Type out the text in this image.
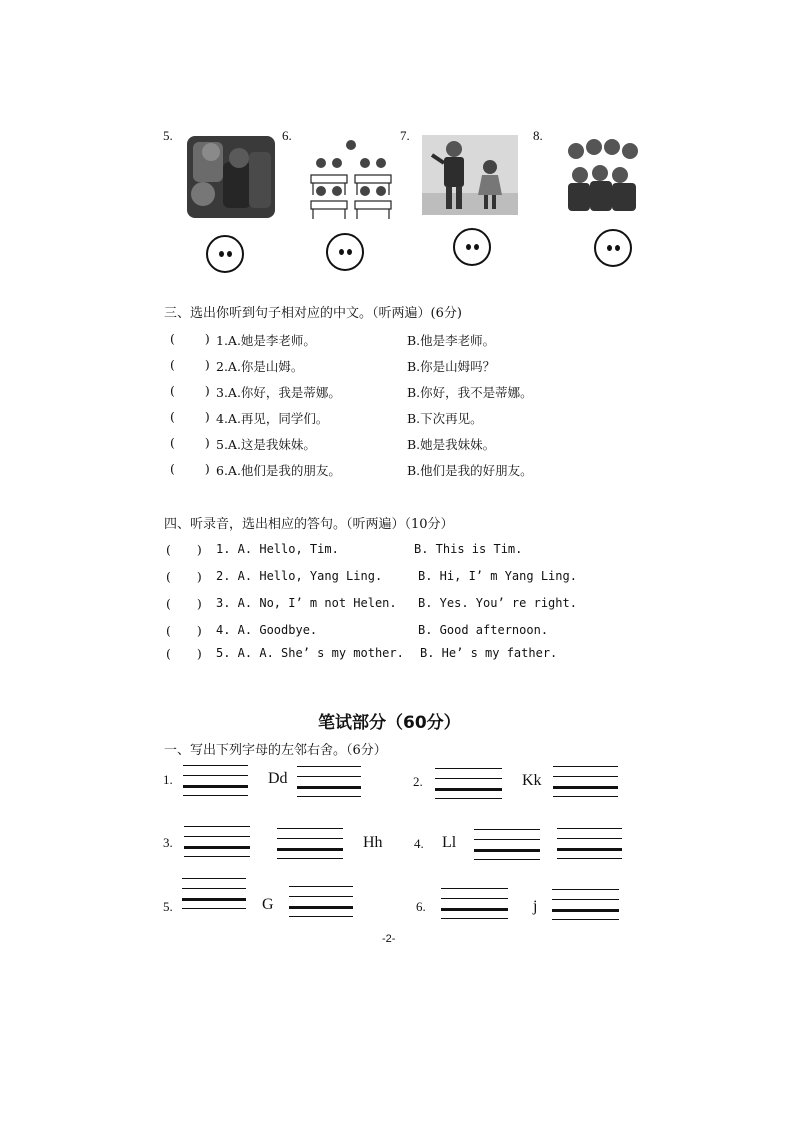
5.	6.	7.	8.
三、选出你听到句子相对应的中文。（听两遍）(6分)
( ) 1.A.她是李老师。	B.他是李老师。
( ) 2.A.你是山姆。	B.你是山姆吗？
( ) 3.A.你好，我是蒂娜。	B.你好，我不是蒂娜。
( ) 4.A.再见，同学们。	B.下次再见。
( ) 5.A.这是我妹妹。	B.她是我妹妹。
( ) 6.A.他们是我的朋友。	B.他们是我的好朋友。
四、听录音，选出相应的答句。（听两遍）（10分）
( ) 1. A. Hello, Tim.	B. This is Tim.
( ) 2. A. Hello, Yang Ling.	B. Hi, I’ m Yang Ling.
( ) 3. A. No, I’ m not Helen. B. Yes. You’ re right.
( ) 4. A. Goodbye.	B. Good afternoon.
( ) 5. A. A. She’ s my mother. B. He’ s my father.
笔试部分（60分）
一、写出下列字母的左邻右舍。（6分）
1.	Dd	2.	Kk
3.	Hh 4. Ll
5.	G	6.	j
-2-
